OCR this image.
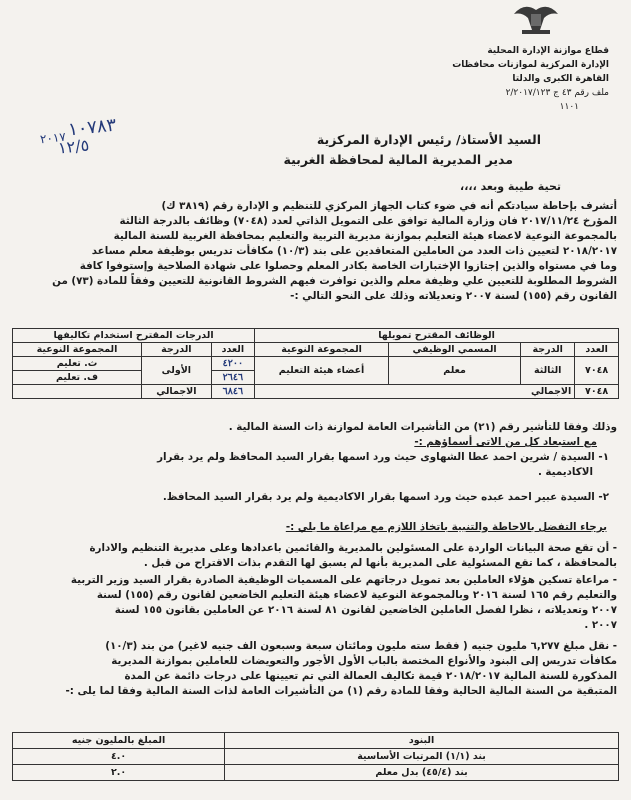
قطاع موازنة الإدارة المحلية
الإدارة المركزية لموازنات محافظات
القاهرة الكبرى والدلتا
ملف رقم ٤٣ ج ٢/٢٠١٧/١٢٣
١١٠١
١٠٧٨٣
١٢/٥
٢٠١٧	السيد الأستاذ/ رئيس الإدارة المركزية
مدير المديرية المالية لمحافظة الغربية
تحية طيبة وبعد ،،،،
أتشرف بإحاطة سيادتكم أنه في ضوء كتاب الجهاز المركزي للتنظيم و الإدارة رقم (٣٨١٩ ك)
المؤرخ ٢٠١٧/١١/٢٤ فان وزارة المالية توافق على التمويل الذاتي لعدد (٧٠٤٨) وظائف بالدرجة الثالثة
بالمجموعة النوعية لاعضاء هيئة التعليم بموازنة مديرية التربية والتعليم بمحافظة الغربية للسنة المالية
٢٠١٨/٢٠١٧ لتعيين ذات العدد من العاملين المتعاقدين على بند (١٠/٣) مكافأت تدريس بوظيفة معلم مساعد
وما في مستواه والذين إجتازوا الإختبارات الخاصة بكادر المعلم وحصلوا على شهادة الصلاحية وإستوفوا كافة
الشروط المطلوبة للتعيين علي وظيفة معلم والذين توافرت فيهم الشروط القانونية للتعيين وفقاً للمادة (٧٣) من
القانون رقم (١٥٥) لسنة ٢٠٠٧ وتعديلاته وذلك على النحو التالي :-
الوظائف المقترح تمويلها				الدرجات المقترح استخدام تكاليفها		
العدد	الدرجة	المسمي الوظيفي	المجموعة النوعية	العدد	الدرجة	المجموعة النوعية
٧٠٤٨	الثالثة	معلم	أعضاء هيئة التعليم	٤٢٠٠	الأولى	ث. تعليم
				٢٦٤٦		ف. تعليم
٧٠٤٨	الاجمالي			٦٨٤٦	الاجمالي	
وذلك وفقا للتأشير رقم (٢١) من التأشيرات العامة لموازنة ذات السنة المالية .
مع استبعاد كل من الاتى أسماؤهم :-
١- السيدة / شرين احمد عطا الشهاوى حيث ورد اسمها بقرار السيد المحافظ ولم يرد بقرار
الاكاديمية .
٢- السيدة عبير احمد عبده حيث ورد اسمها بقرار الاكاديمية ولم يرد بقرار السيد المحافظ.
برجاء التفضل بالاحاطة والتنبية باتخاذ اللازم مع مراعاة ما يلي :-
- أن تقع صحة البيانات الواردة على المسئولين بالمديرية والقائمين باعدادها وعلى مديرية التنظيم والادارة
بالمحافظة ، كما تقع المسئولية على المديرية بأنها لم يسبق لها التقدم بذات الاقتراح من قبل .
- مراعاة تسكين هؤلاء العاملين بعد تمويل درجاتهم على المسميات الوظيفية الصادرة بقرار السيد وزير التربية
والتعليم رقم ١٦٥ لسنة ٢٠١٦ وبالمجموعة النوعية لاعضاء هيئة التعليم الخاضعين لقانون رقم (١٥٥) لسنة
٢٠٠٧ وتعديلاته ، نظرا لفصل العاملين الخاضعين لقانون ٨١ لسنة ٢٠١٦ عن العاملين بقانون ١٥٥ لسنة
٢٠٠٧ .
- نقل مبلغ ٦,٢٧٧ مليون جنيه ( فقط سته مليون ومائتان سبعة وسبعون الف جنيه لاغير) من بند (١٠/٣)
مكافأت تدريس إلى البنود والأنواع المختصة بالباب الأول الأجور والتعويضات للعاملين بموازنة المديرية
المذكورة للسنة المالية ٢٠١٨/٢٠١٧ قيمة تكاليف العمالة التي تم تعيينها على درجات دائمة عن المدة
المتبقية من السنة المالية الحالية وفقا للمادة رقم (١) من التأشيرات العامة لذات السنة المالية وفقا لما يلى :-
البنود	المبلغ بالمليون جنيه
بند (١/١) المرتبات الأساسية	٤.٠
بند (٤٥/٤) بدل معلم	٢.٠
